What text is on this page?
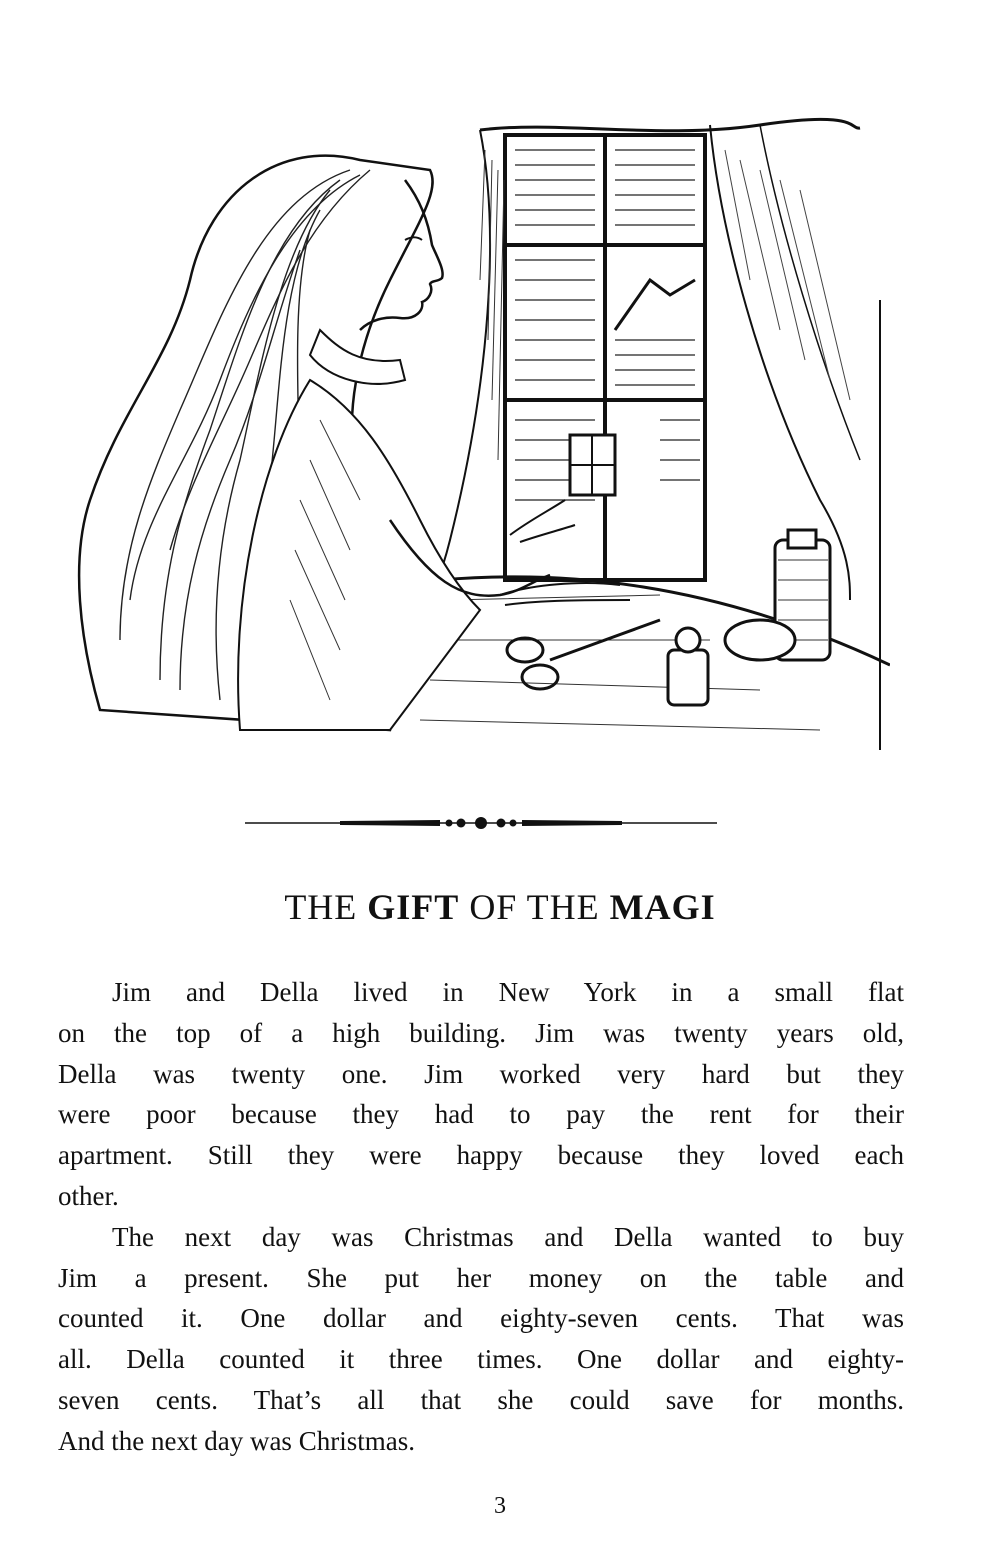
THE GIFT OF THE MAGI
Jim and Della lived in New York in a small flat
on the top of a high building. Jim was twenty years old,
Della was twenty one. Jim worked very hard but they
were poor because they had to pay the rent for their
apartment. Still they were happy because they loved each
other.
The next day was Christmas and Della wanted to buy
Jim a present. She put her money on the table and
counted it. One dollar and eighty-seven cents. That was
all. Della counted it three times. One dollar and eighty-
seven cents. That’s all that she could save for months.
And the next day was Christmas.
3
